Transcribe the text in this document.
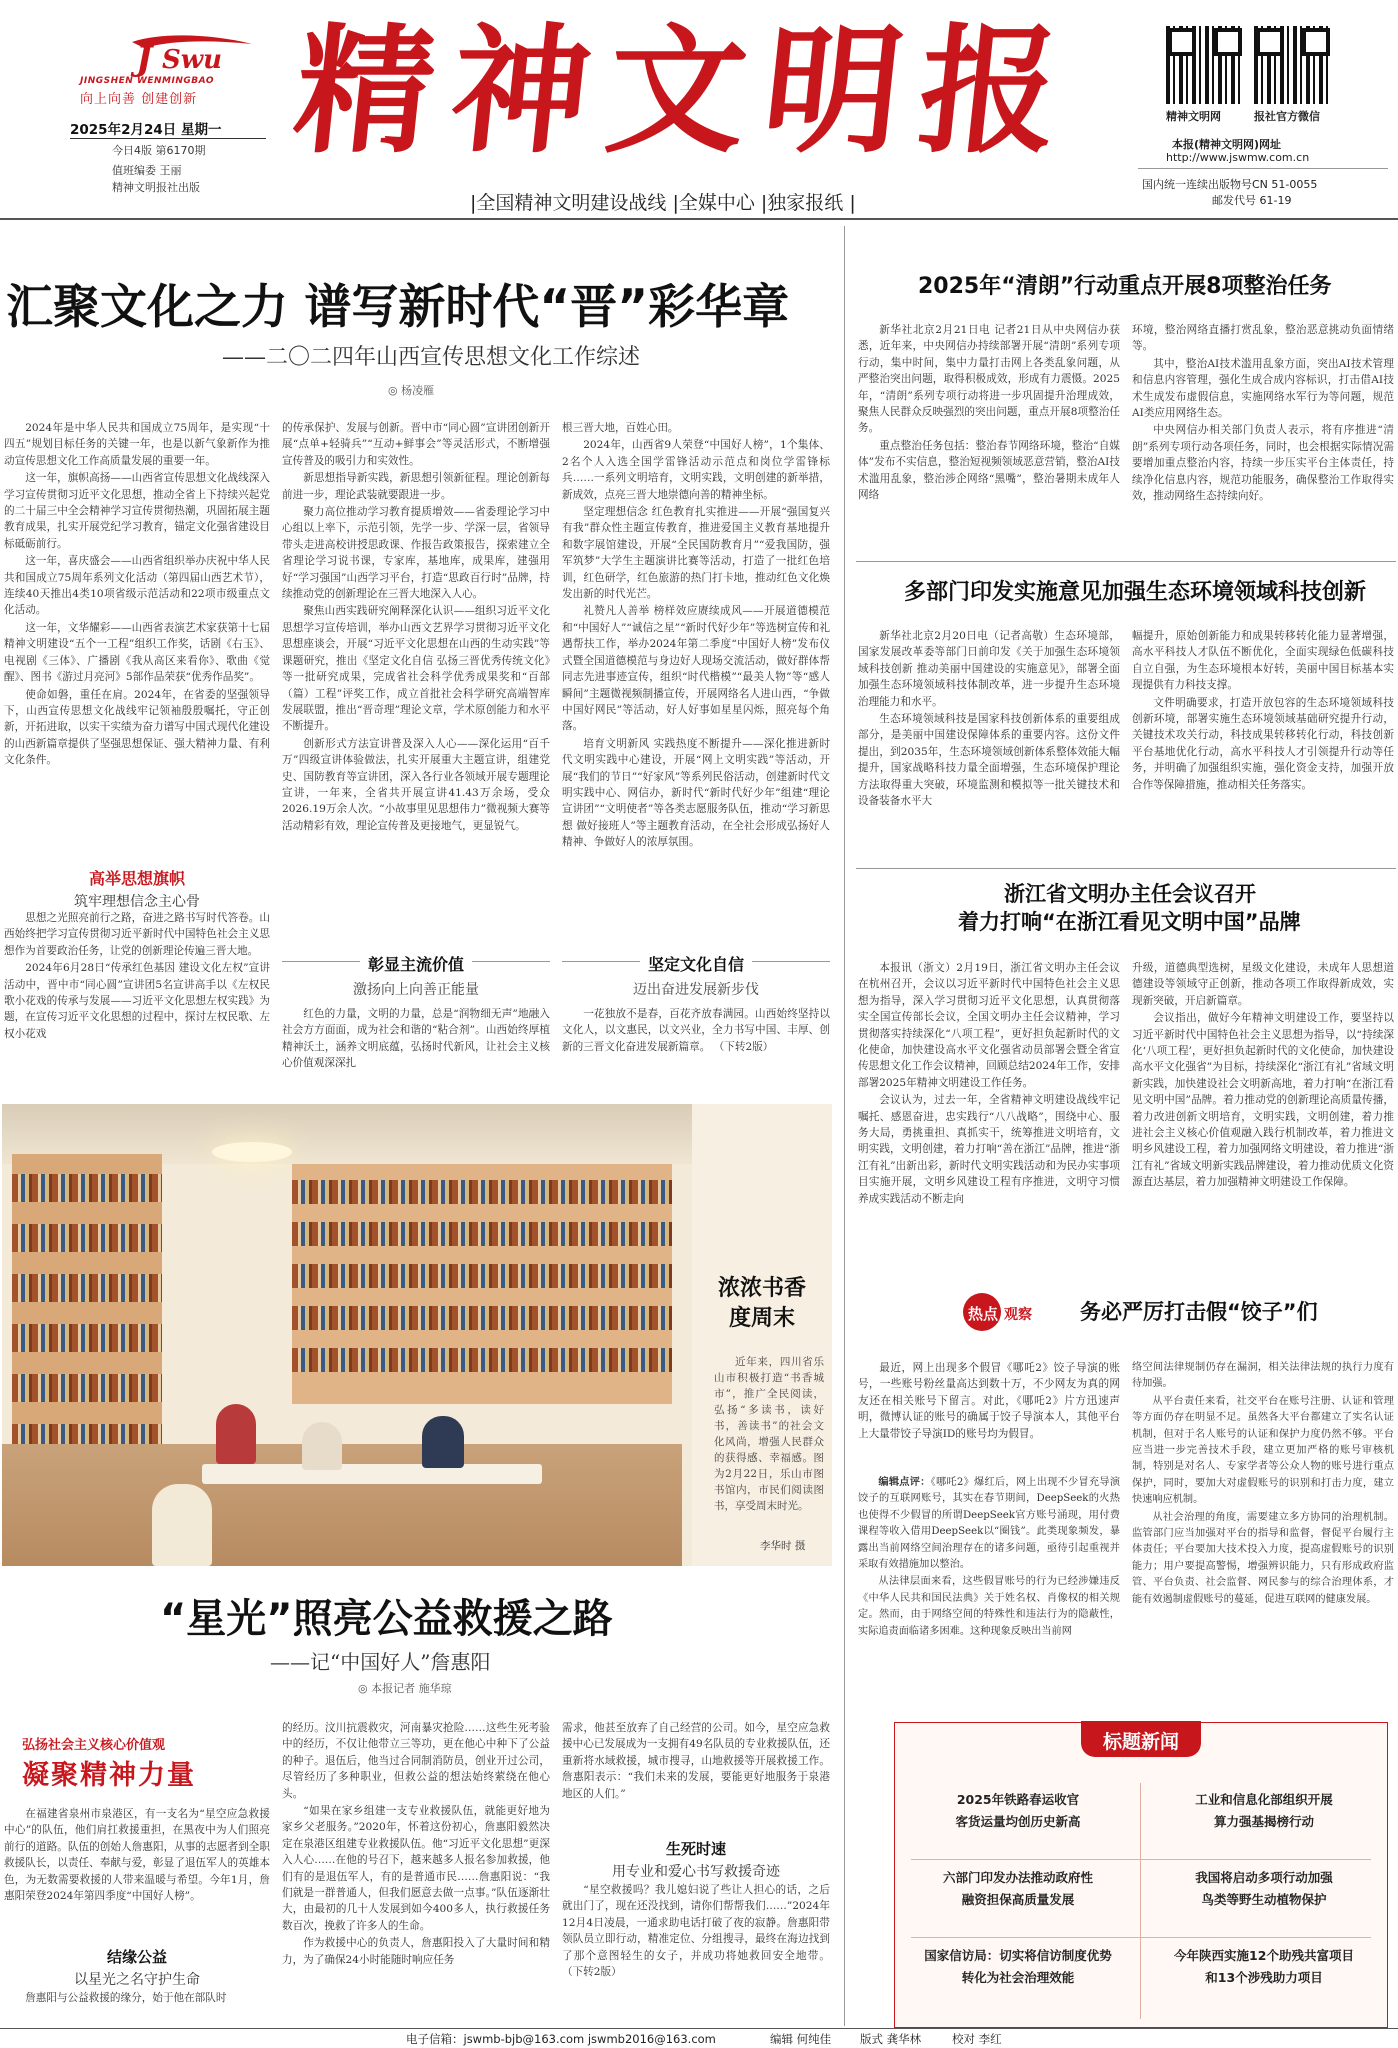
J Swu
JINGSHEN WENMINGBAO
向上向善 创建创新
2025年2月24日 星期一
今日4版 第6170期
值班编委 王丽
精神文明报社出版
精神文明报
|全国精神文明建设战线 |全媒中心 |独家报纸 |
精神文明网	报社官方微信
本报(精神文明网)网址
http://www.jswmw.com.cn
国内统一连续出版物号CN 51-0055
邮发代号 61-19
汇聚文化之力 谱写新时代“晋”彩华章
——二〇二四年山西宣传思想文化工作综述
◎ 杨凌雁

2024年是中华人民共和国成立75周年，是实现“十四五”规划目标任务的关键一年，也是以新气象新作为推动宣传思想文化工作高质量发展的重要一年。

这一年，旗帜高扬——山西省宣传思想文化战线深入学习宣传贯彻习近平文化思想，推动全省上下持续兴起党的二十届三中全会精神学习宣传贯彻热潮，巩固拓展主题教育成果，扎实开展党纪学习教育，锚定文化强省建设目标砥砺前行。

这一年，喜庆盛会——山西省组织举办庆祝中华人民共和国成立75周年系列文化活动（第四届山西艺术节），连续40天推出4类10项省级示范活动和22项市级重点文化活动。

这一年，文华耀彩——山西省表演艺术家获第十七届精神文明建设“五个一工程”组织工作奖，话剧《右玉》、电视剧《三体》、广播剧《我从高区来看你》、歌曲《觉醒》、图书《游过月亮河》5部作品荣获“优秀作品奖”。

使命如磐，重任在肩。2024年，在省委的坚强领导下，山西宣传思想文化战线牢记领袖殷殷嘱托，守正创新，开拓进取，以实干实绩为奋力谱写中国式现代化建设的山西新篇章提供了坚强思想保证、强大精神力量、有利文化条件。

高举思想旗帜
筑牢理想信念主心骨

思想之光照亮前行之路，奋进之路书写时代答卷。山西始终把学习宣传贯彻习近平新时代中国特色社会主义思想作为首要政治任务，让党的创新理论传遍三晋大地。

2024年6月28日“传承红色基因 建设文化左权”宣讲活动中，晋中市“同心圆”宣讲团5名宣讲高手以《左权民歌小花戏的传承与发展——习近平文化思想左权实践》为题，在宣传习近平文化思想的过程中，探讨左权民歌、左权小花戏

的传承保护、发展与创新。晋中市“同心圆”宣讲团创新开展“点单+轻骑兵”“互动+鲜事会”等灵活形式，不断增强宣传普及的吸引力和实效性。

新思想指导新实践，新思想引领新征程。理论创新每前进一步，理论武装就要跟进一步。

聚力高位推动学习教育提质增效——省委理论学习中心组以上率下，示范引领，先学一步、学深一层，省领导带头走进高校讲授思政课、作报告政策报告，探索建立全省理论学习说书课，专家库，基地库，成果库，建强用好“学习强国”山西学习平台，打造“思政百行时”品牌，持续推动党的创新理论在三晋大地深入人心。

聚焦山西实践研究阐释深化认识——组织习近平文化思想学习宣传培训，举办山西文艺界学习贯彻习近平文化思想座谈会，开展“习近平文化思想在山西的生动实践”等课题研究，推出《坚定文化自信 弘扬三晋优秀传统文化》等一批研究成果，完成省社会科学优秀成果奖和“百部（篇）工程”评奖工作，成立首批社会科学研究高端智库发展联盟，推出“晋奇理”理论文章，学术原创能力和水平不断提升。

创新形式方法宣讲普及深入人心——深化运用“百千万”四级宣讲体验做法，扎实开展重大主题宣讲，组建党史、国防教育等宣讲团，深入各行业各领域开展专题理论宣讲，一年来，全省共开展宣讲41.43万余场，受众2026.19万余人次。“小故事里见思想伟力”微视频大赛等活动精彩有效，理论宣传普及更接地气，更显锐气。

根三晋大地，百姓心田。

2024年，山西省9人荣登“中国好人榜”，1个集体、2名个人入选全国学雷锋活动示范点和岗位学雷锋标兵……一系列文明培育，文明实践，文明创建的新举措，新成效，点亮三晋大地崇德向善的精神坐标。

坚定理想信念 红色教育扎实推进——开展“强国复兴有我”群众性主题宣传教育，推进爱国主义教育基地提升和数字展馆建设，开展“全民国防教育月”“爱我国防，强军筑梦”大学生主题演讲比赛等活动，打造了一批红色培训，红色研学，红色旅游的热门打卡地，推动红色文化焕发出新的时代光芒。

礼赞凡人善举 榜样效应赓续成风——开展道德模范和“中国好人”“诚信之星”“新时代好少年”等选树宣传和礼遇帮扶工作，举办2024年第二季度“中国好人榜”发布仪式暨全国道德模范与身边好人现场交流活动，做好群体帮同志先进事迹宣传，组织“时代楷模”“最美人物”等“感人瞬间”主题微视频制播宣传，开展网络名人进山西，“争做中国好网民”等活动，好人好事如星星闪烁，照亮每个角落。

培育文明新风 实践热度不断提升——深化推进新时代文明实践中心建设，开展“网上文明实践”等活动，开展“我们的节日”“好家风”等系列民俗活动，创建新时代文明实践中心、网信办，新时代“新时代好少年”组建“理论宣讲团”“文明使者”等各类志愿服务队伍，推动“学习新思想 做好接班人”等主题教育活动，在全社会形成弘扬好人精神、争做好人的浓厚氛围。

彰显主流价值
激扬向上向善正能量
坚定文化自信
迈出奋进发展新步伐

红色的力量，文明的力量，总是“润物细无声”地融入社会方方面面，成为社会和谐的“粘合剂”。山西始终厚植精神沃土，涵养文明底蕴，弘扬时代新风，让社会主义核心价值观深深扎

一花独放不是春，百花齐放春满园。山西始终坚持以文化人，以文惠民，以文兴业，全力书写中国、丰厚、创新的三晋文化奋进发展新篇章。 （下转2版）

浓浓书香
度周末
近年来，四川省乐山市积极打造“书香城市”，推广全民阅读，弘扬“多读书，读好书，善读书”的社会文化风尚，增强人民群众的获得感、幸福感。图为2月22日，乐山市图书馆内，市民们阅读图书，享受周末时光。
李华时 摄
“星光”照亮公益救援之路
——记“中国好人”詹惠阳
◎ 本报记者 施华琼
弘扬社会主义核心价值观
凝聚精神力量

在福建省泉州市泉港区，有一支名为“星空应急救援中心”的队伍，他们肩扛救援重担，在黑夜中为人们照亮前行的道路。队伍的创始人詹惠阳，从事的志愿者到全职救援队长，以责任、奉献与爱，彰显了退伍军人的英雄本色，为无数需要救援的人带来温暖与希望。今年1月，詹惠阳荣登2024年第四季度“中国好人榜”。

结缘公益
以星光之名守护生命

詹惠阳与公益救援的缘分，始于他在部队时

的经历。汶川抗震救灾，河南暴灾抢险……这些生死考验中的经历，不仅让他带立三等功，更在他心中种下了公益的种子。退伍后，他当过合同制消防员，创业开过公司，尽管经历了多种职业，但救公益的想法始终萦绕在他心头。

“如果在家乡组建一支专业救援队伍，就能更好地为家乡父老服务。”2020年，怀着这份初心，詹惠阳毅然决定在泉港区组建专业救援队伍。他“习近平文化思想”更深入人心……在他的号召下，越来越多人报名参加救援，他们有的是退伍军人，有的是普通市民……詹惠阳说：“我们就是一群普通人，但我们愿意去做一点事。”队伍逐渐壮大，由最初的几十人发展到如今400多人，执行救援任务数百次，挽救了许多人的生命。

作为救援中心的负责人，詹惠阳投入了大量时间和精力，为了确保24小时能随时响应任务

需求，他甚至放弃了自己经营的公司。如今，星空应急救援中心已发展成为一支拥有49名队员的专业救援队伍，还重新将水域救援，城市搜寻，山地救援等开展救援工作。詹惠阳表示：“我们未来的发展，要能更好地服务于泉港地区的人们。”

生死时速
用专业和爱心书写救援奇迹

“星空救援吗？我儿媳妇说了些让人担心的话，之后就出门了，现在还没找到，请你们帮帮我们……”2024年12月4日凌晨，一通求助电话打破了夜的寂静。詹惠阳带领队员立即行动，精准定位、分组搜寻，最终在海边找到了那个意图轻生的女子，并成功将她救回安全地带。 （下转2版）

2025年“清朗”行动重点开展8项整治任务

新华社北京2月21日电 记者21日从中央网信办获悉，近年来，中央网信办持续部署开展“清朗”系列专项行动，集中时间，集中力量打击网上各类乱象问题，从严整治突出问题，取得积极成效，形成有力震慑。2025年，“清朗”系列专项行动将进一步巩固提升治理成效，聚焦人民群众反映强烈的突出问题，重点开展8项整治任务。

重点整治任务包括：整治春节网络环境，整治“自媒体”发布不实信息，整治短视频领域恶意营销，整治AI技术滥用乱象，整治涉企网络“黑嘴”，整治暑期未成年人网络

环境，整治网络直播打赏乱象，整治恶意挑动负面情绪等。

其中，整治AI技术滥用乱象方面，突出AI技术管理和信息内容管理，强化生成合成内容标识，打击借AI技术生成发布虚假信息，实施网络水军行为等问题，规范AI类应用网络生态。

中央网信办相关部门负责人表示，将有序推进“清朗”系列专项行动各项任务，同时，也会根据实际情况需要增加重点整治内容，持续一步压实平台主体责任，持续净化信息内容，规范功能服务，确保整治工作取得实效，推动网络生态持续向好。

多部门印发实施意见加强生态环境领域科技创新

新华社北京2月20日电（记者高敬）生态环境部，国家发展改革委等部门日前印发《关于加强生态环境领域科技创新 推动美丽中国建设的实施意见》，部署全面加强生态环境领域科技体制改革，进一步提升生态环境治理能力和水平。

生态环境领域科技是国家科技创新体系的重要组成部分，是美丽中国建设保障体系的重要内容。这份文件提出，到2035年，生态环境领域创新体系整体效能大幅提升，国家战略科技力量全面增强，生态环境保护理论方法取得重大突破，环境监测和模拟等一批关键技术和设备装备水平大

幅提升，原始创新能力和成果转移转化能力显著增强，高水平科技人才队伍不断优化，全面实现绿色低碳科技自立自强，为生态环境根本好转，美丽中国目标基本实现提供有力科技支撑。

文件明确要求，打造开放包容的生态环境领域科技创新环境，部署实施生态环境领域基础研究提升行动，关键技术攻关行动，科技成果转移转化行动，科技创新平台基地优化行动，高水平科技人才引领提升行动等任务，并明确了加强组织实施，强化资金支持，加强开放合作等保障措施，推动相关任务落实。

浙江省文明办主任会议召开
着力打响“在浙江看见文明中国”品牌

本报讯（浙文）2月19日，浙江省文明办主任会议在杭州召开，会议以习近平新时代中国特色社会主义思想为指导，深入学习贯彻习近平文化思想，认真贯彻落实全国宣传部长会议，全国文明办主任会议精神，学习贯彻落实持续深化“八项工程”，更好担负起新时代的文化使命，加快建设高水平文化强省动员部署会暨全省宣传思想文化工作会议精神，回顾总结2024年工作，安排部署2025年精神文明建设工作任务。

会议认为，过去一年，全省精神文明建设战线牢记嘱托、感恩奋进，忠实践行“八八战略”，围绕中心、服务大局，勇挑重担、真抓实干，统筹推进文明培育，文明实践，文明创建，着力打响“善在浙江”品牌，推进“浙江有礼”出新出彩，新时代文明实践活动和为民办实事项目实施开展，文明乡风建设工程有序推进，文明守习惯养成实践活动不断走向

升级，道德典型选树，星级文化建设，未成年人思想道德建设等领域守正创新，推动各项工作取得新成效，实现新突破，开启新篇章。

会议指出，做好今年精神文明建设工作，要坚持以习近平新时代中国特色社会主义思想为指导，以“持续深化‘八项工程’，更好担负起新时代的文化使命，加快建设高水平文化强省”为目标，持续深化“浙江有礼”省域文明新实践，加快建设社会文明新高地，着力打响“在浙江看见文明中国”品牌。着力推动党的创新理论高质量传播，着力改进创新文明培育，文明实践，文明创建，着力推进社会主义核心价值观融入践行机制改革，着力推进文明乡风建设工程，着力加强网络文明建设，着力推进“浙江有礼”省域文明新实践品牌建设，着力推动优质文化资源直达基层，着力加强精神文明建设工作保障。

热点 观察 务必严厉打击假“饺子”们

最近，网上出现多个假冒《哪吒2》饺子导演的账号，一些账号粉丝量高达到数十万，不少网友为真的网友还在相关账号下留言。对此，《哪吒2》片方迅速声明，微博认证的账号的确属于饺子导演本人，其他平台上大量带饺子导演ID的账号均为假冒。

编辑点评：《哪吒2》爆红后，网上出现不少冒充导演饺子的互联网账号，其实在春节期间，DeepSeek的火热也使得不少假冒的所谓DeepSeek官方账号涌现，用付费课程等收入借用DeepSeek以“圈钱”。此类现象频发，暴露出当前网络空间治理存在的诸多问题，亟待引起重视并采取有效措施加以整治。

从法律层面来看，这些假冒账号的行为已经涉嫌违反《中华人民共和国民法典》关于姓名权、肖像权的相关规定。然而，由于网络空间的特殊性和违法行为的隐蔽性，实际追责面临诸多困难。这种现象反映出当前网

络空间法律规制仍存在漏洞，相关法律法规的执行力度有待加强。

从平台责任来看，社交平台在账号注册、认证和管理等方面仍存在明显不足。虽然各大平台都建立了实名认证机制，但对于名人账号的认证和保护力度仍然不够。平台应当进一步完善技术手段，建立更加严格的账号审核机制，特别是对名人、专家学者等公众人物的账号进行重点保护，同时，要加大对虚假账号的识别和打击力度，建立快速响应机制。

从社会治理的角度，需要建立多方协同的治理机制。监管部门应当加强对平台的指导和监督，督促平台履行主体责任；平台要加大技术投入力度，提高虚假账号的识别能力；用户要提高警惕，增强辨识能力，只有形成政府监管、平台负责、社会监督、网民参与的综合治理体系，才能有效遏制虚假账号的蔓延，促进互联网的健康发展。

标题新闻
2025年铁路春运收官
客货运量均创历史新高
工业和信息化部组织开展
算力强基揭榜行动
六部门印发办法推动政府性
融资担保高质量发展
我国将启动多项行动加强
鸟类等野生动植物保护
国家信访局：切实将信访制度优势
转化为社会治理效能
今年陕西实施12个助残共富项目
和13个涉残助力项目
电子信箱：jswmb-bjb@163.com jswmb2016@163.com	编辑 何纯佳	版式 龚华林	校对 李红
